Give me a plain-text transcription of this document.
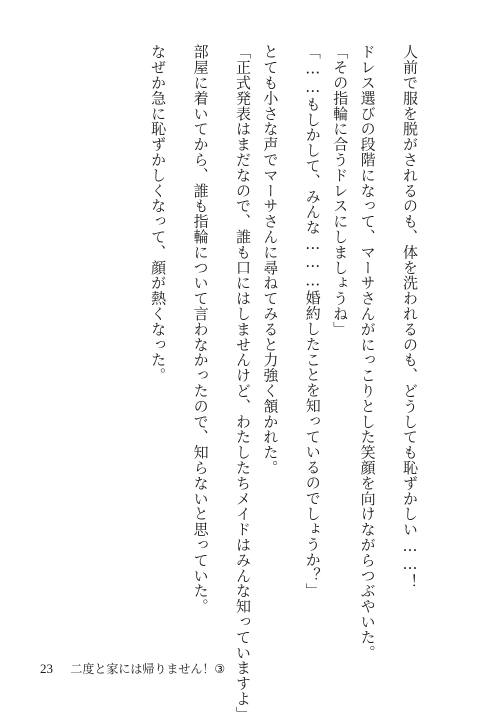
人前で服を脱がされるのも、体を洗われるのも、どうしても恥ずかしい……！
ドレス選びの段階になって、マーサさんがにっこりとした笑顔を向けながらつぶやいた。
「その指輪に合うドレスにしましょうね」
「……もしかして、みんな………婚約したことを知っているのでしょうか？」
とても小さな声でマーサさんに尋ねてみると力強く頷かれた。
「正式発表はまだなので、誰も口にはしませんけど、わたしたちメイドはみんな知っていますよ」
部屋に着いてから、誰も指輪について言わなかったので、知らないと思っていた。
なぜか急に恥ずかしくなって、顔が熱くなった。
23 二度と家には帰りません！③
